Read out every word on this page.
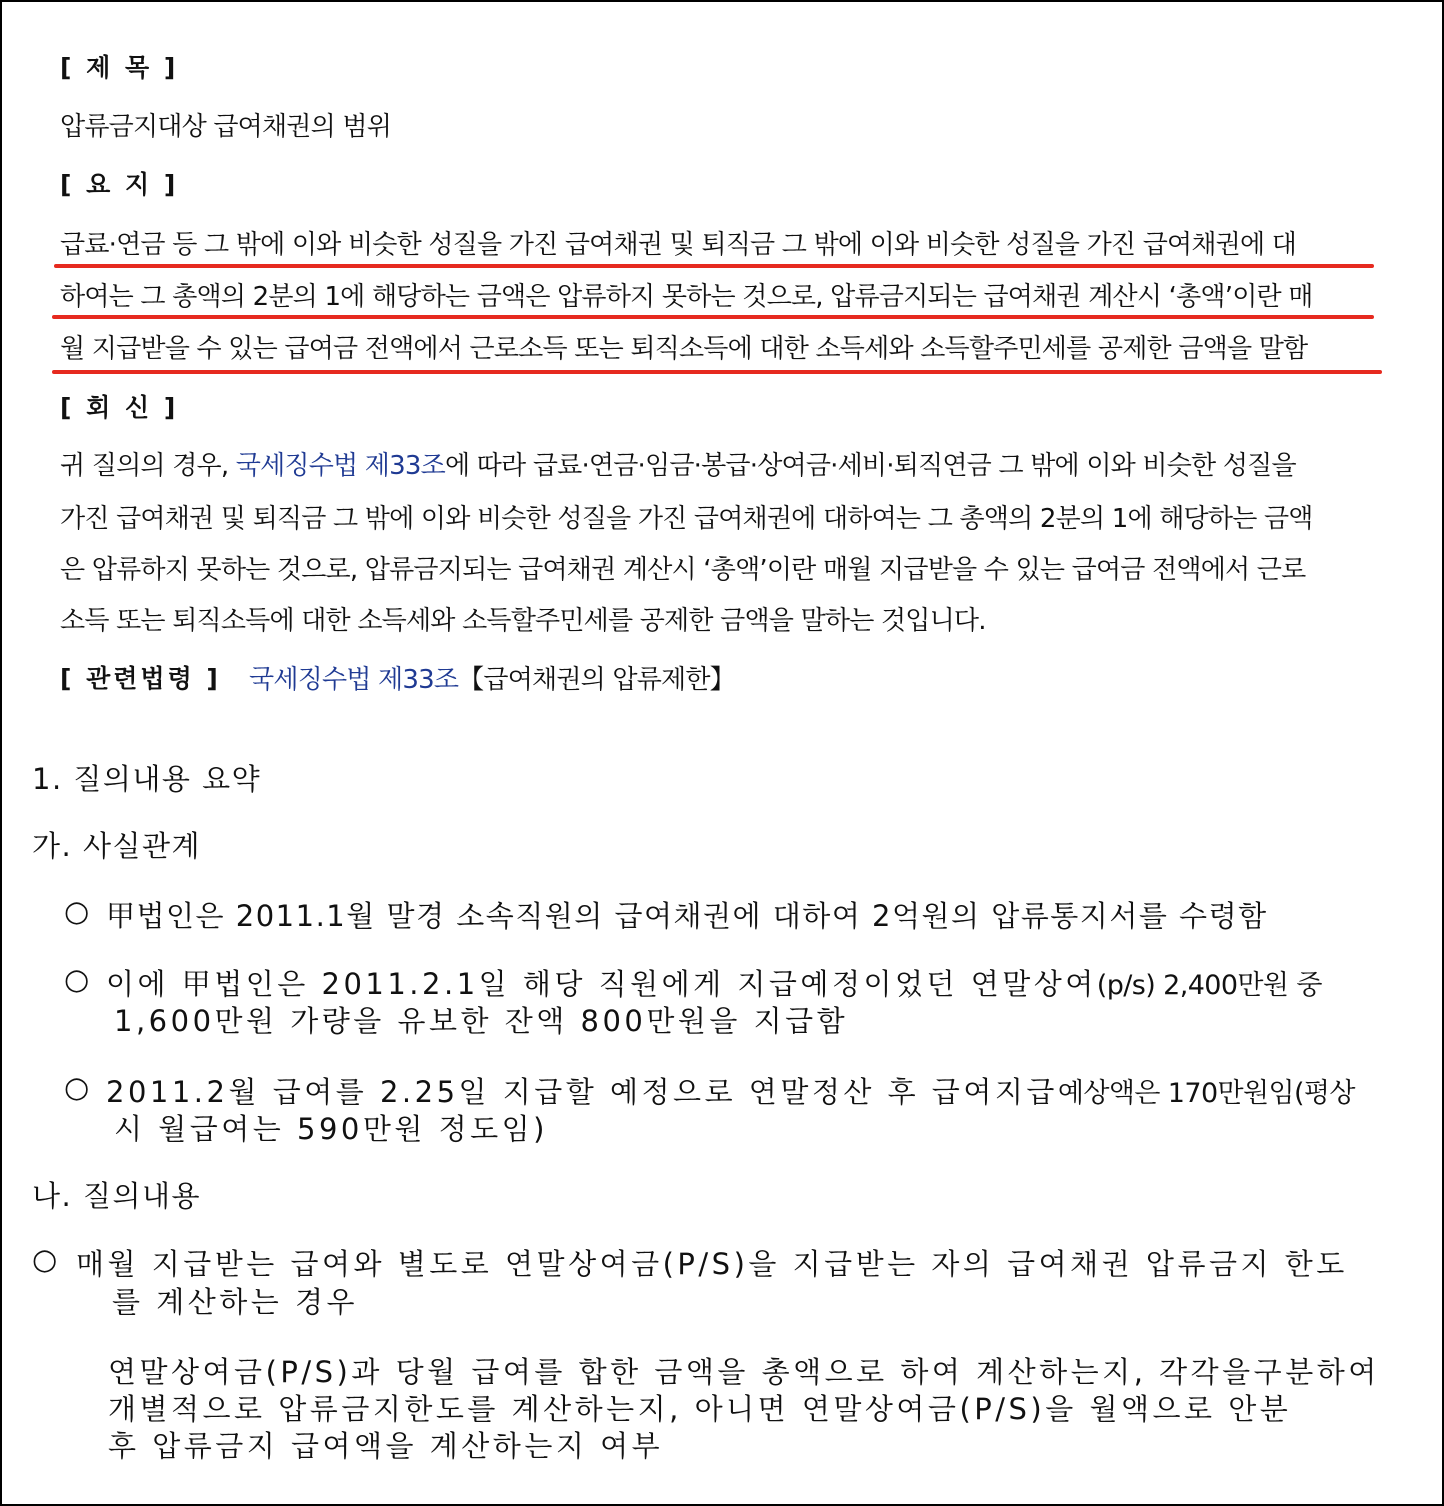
[ 제 목 ]
압류금지대상 급여채권의 범위
[ 요 지 ]
급료·연금 등 그 밖에 이와 비슷한 성질을 가진 급여채권 및 퇴직금 그 밖에 이와 비슷한 성질을 가진 급여채권에 대
하여는 그 총액의 2분의 1에 해당하는 금액은 압류하지 못하는 것으로, 압류금지되는 급여채권 계산시 ‘총액’이란 매
월 지급받을 수 있는 급여금 전액에서 근로소득 또는 퇴직소득에 대한 소득세와 소득할주민세를 공제한 금액을 말함
[ 회 신 ]
귀 질의의 경우, 국세징수법 제33조에 따라 급료·연금·임금·봉급·상여금·세비·퇴직연금 그 밖에 이와 비슷한 성질을
가진 급여채권 및 퇴직금 그 밖에 이와 비슷한 성질을 가진 급여채권에 대하여는 그 총액의 2분의 1에 해당하는 금액
은 압류하지 못하는 것으로, 압류금지되는 급여채권 계산시 ‘총액’이란 매월 지급받을 수 있는 급여금 전액에서 근로
소득 또는 퇴직소득에 대한 소득세와 소득할주민세를 공제한 금액을 말하는 것입니다.
[ 관련법령 ] 국세징수법 제33조【급여채권의 압류제한】
1. 질의내용 요약
가. 사실관계
○ 甲법인은 2011.1월 말경 소속직원의 급여채권에 대하여 2억원의 압류통지서를 수령함
○ 이에 甲법인은 2011.2.1일 해당 직원에게 지급예정이었던 연말상여(p/s) 2,400만원 중
1,600만원 가량을 유보한 잔액 800만원을 지급함
○ 2011.2월 급여를 2.25일 지급할 예정으로 연말정산 후 급여지급예상액은 170만원임(평상
시 월급여는 590만원 정도임)
나. 질의내용
○ 매월 지급받는 급여와 별도로 연말상여금(P/S)을 지급받는 자의 급여채권 압류금지 한도
를 계산하는 경우
연말상여금(P/S)과 당월 급여를 합한 금액을 총액으로 하여 계산하는지, 각각을구분하여
개별적으로 압류금지한도를 계산하는지, 아니면 연말상여금(P/S)을 월액으로 안분
후 압류금지 급여액을 계산하는지 여부
